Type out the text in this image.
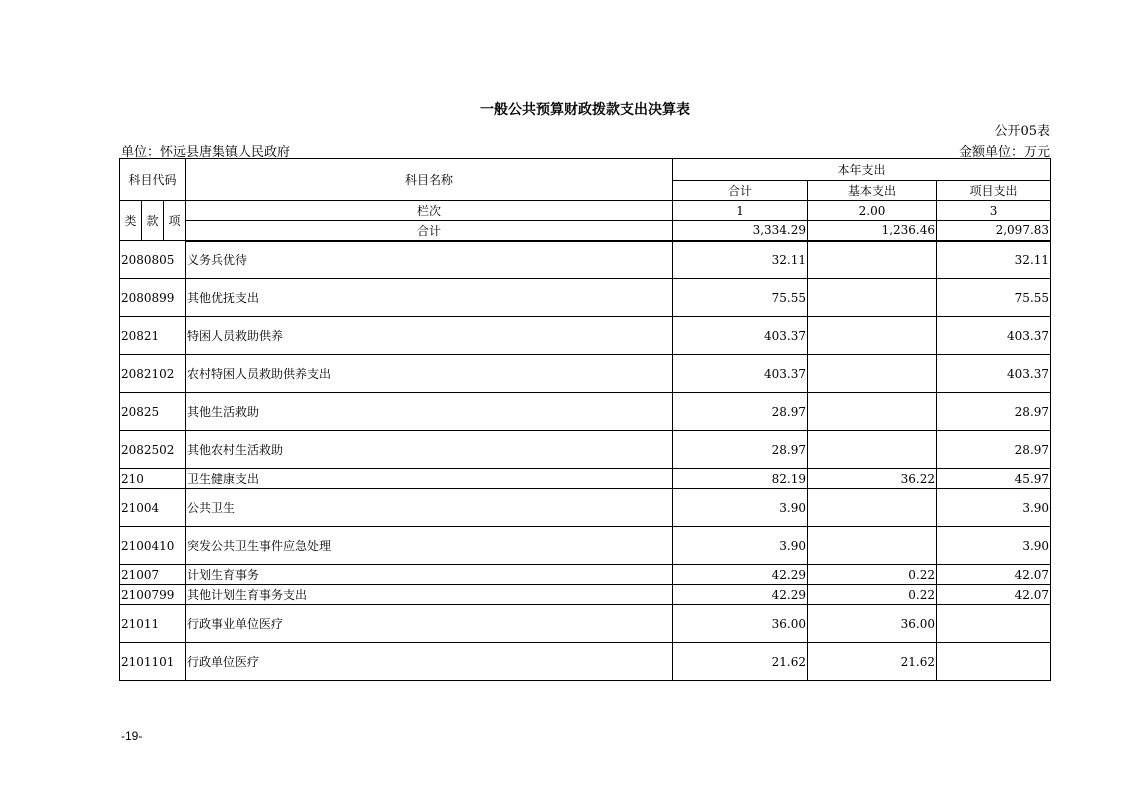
一般公共预算财政拨款支出决算表
公开05表
单位：怀远县唐集镇人民政府	金额单位：万元
科目代码			科目名称	本年支出		
				合计	基本支出	项目支出
类	款	项	栏次	1	2.00	3
			合计	3,334.29	1,236.46	2,097.83
2080805			义务兵优待	32.11		32.11
2080899			其他优抚支出	75.55		75.55
20821			特困人员救助供养	403.37		403.37
2082102			农村特困人员救助供养支出	403.37		403.37
20825			其他生活救助	28.97		28.97
2082502			其他农村生活救助	28.97		28.97
210			卫生健康支出	82.19	36.22	45.97
21004			公共卫生	3.90		3.90
2100410			突发公共卫生事件应急处理	3.90		3.90
21007			计划生育事务	42.29	0.22	42.07
2100799			其他计划生育事务支出	42.29	0.22	42.07
21011			行政事业单位医疗	36.00	36.00	
2101101			行政单位医疗	21.62	21.62	
-19-
